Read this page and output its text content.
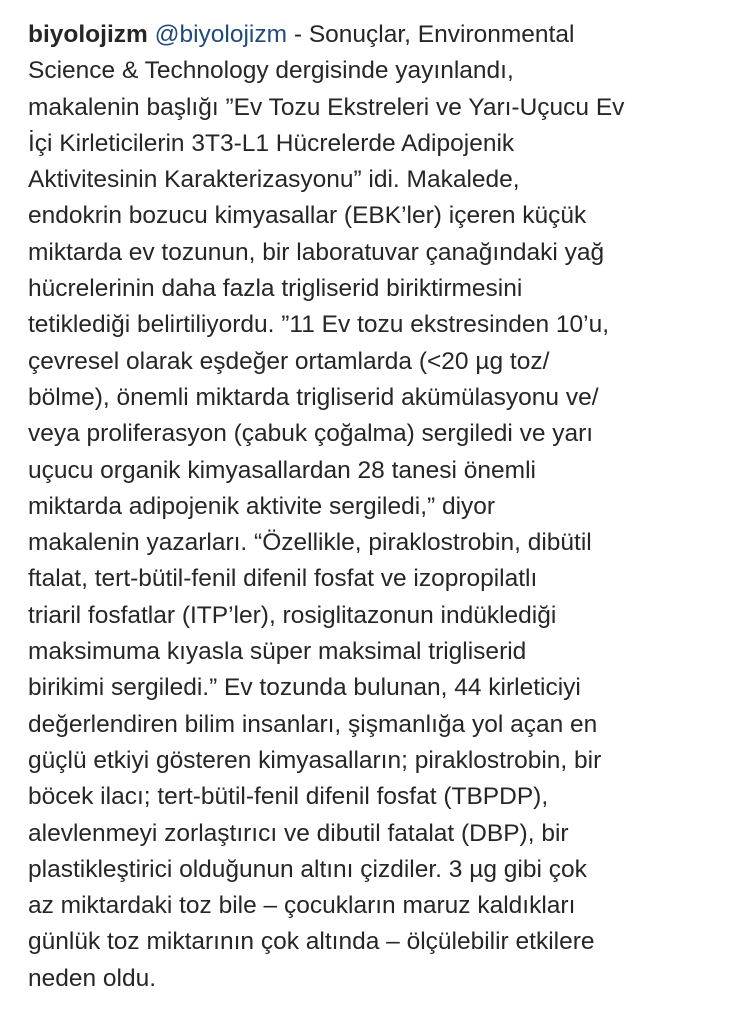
biyolojizm @biyolojizm - Sonuçlar, Environmental
Science & Technology dergisinde yayınlandı,
makalenin başlığı ”Ev Tozu Ekstreleri ve Yarı-Uçucu Ev
İçi Kirleticilerin 3T3-L1 Hücrelerde Adipojenik
Aktivitesinin Karakterizasyonu” idi. Makalede,
endokrin bozucu kimyasallar (EBK’ler) içeren küçük
miktarda ev tozunun, bir laboratuvar çanağındaki yağ
hücrelerinin daha fazla trigliserid biriktirmesini
tetiklediği belirtiliyordu. ”11 Ev tozu ekstresinden 10’u,
çevresel olarak eşdeğer ortamlarda (<20 µg toz/
bölme), önemli miktarda trigliserid akümülasyonu ve/
veya proliferasyon (çabuk çoğalma) sergiledi ve yarı
uçucu organik kimyasallardan 28 tanesi önemli
miktarda adipojenik aktivite sergiledi,” diyor
makalenin yazarları. “Özellikle, piraklostrobin, dibütil
ftalat, tert-bütil-fenil difenil fosfat ve izopropilatlı
triaril fosfatlar (ITP’ler), rosiglitazonun indüklediği
maksimuma kıyasla süper maksimal trigliserid
birikimi sergiledi.” Ev tozunda bulunan, 44 kirleticiyi
değerlendiren bilim insanları, şişmanlığa yol açan en
güçlü etkiyi gösteren kimyasalların; piraklostrobin, bir
böcek ilacı; tert-bütil-fenil difenil fosfat (TBPDP),
alevlenmeyi zorlaştırıcı ve dibutil fatalat (DBP), bir
plastikleştirici olduğunun altını çizdiler. 3 µg gibi çok
az miktardaki toz bile – çocukların maruz kaldıkları
günlük toz miktarının çok altında – ölçülebilir etkilere
neden oldu.
